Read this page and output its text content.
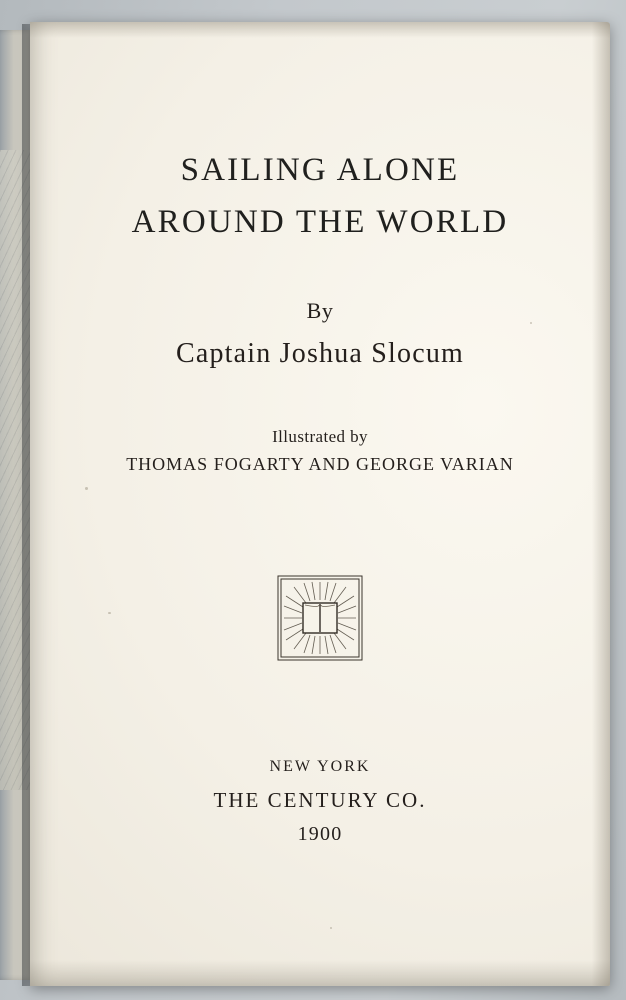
SAILING ALONE
AROUND THE WORLD
By
Captain Joshua Slocum
Illustrated by
THOMAS FOGARTY AND GEORGE VARIAN
NEW YORK
THE CENTURY CO.
1900
